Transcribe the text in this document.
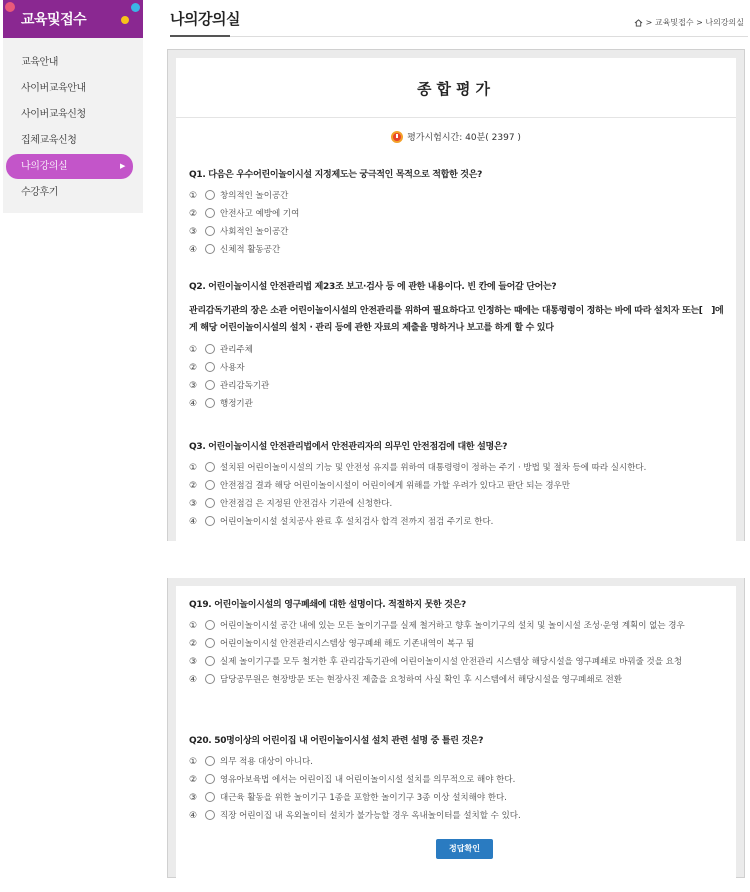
교육및접수
교육안내
사이버교육안내
사이버교육신청
집체교육신청
나의강의실	▶
수강후기
나의강의실	> 교육및접수 > 나의강의실
종합평가
평가시험시간: 40분( 2397 )
Q1. 다음은 우수어린이놀이시설 지정제도는 궁극적인 목적으로 적합한 것은?
①	창의적인 놀이공간
②	안전사고 예방에 기여
③	사회적인 놀이공간
④	신체적 활동공간
Q2. 어린이놀이시설 안전관리법 제23조 보고·검사 등 에 관한 내용이다. 빈 칸에 들어갈 단어는?
관리감독기관의 장은 소관 어린이놀이시설의 안전관리를 위하여 필요하다고 인정하는 때에는 대통령령이 정하는 바에 따라 설치자 또는[　]에게 해당 어린이놀이시설의 설치 · 관리 등에 관한 자료의 제출을 명하거나 보고를 하게 할 수 있다
①	관리주체
②	사용자
③	관리감독기관
④	행정기관
Q3. 어린이놀이시설 안전관리법에서 안전관리자의 의무인 안전점검에 대한 설명은?
①	설치된 어린이놀이시설의 기능 및 안전성 유지를 위하여 대통령령이 정하는 주기 · 방법 및 절차 등에 따라 실시한다.
②	안전점검 결과 해당 어린이놀이시설이 어린이에게 위해를 가할 우려가 있다고 판단 되는 경우만
③	안전점검 은 지정된 안전검사 기관에 신청한다.
④	어린이놀이시설 설치공사 완료 후 설치검사 합격 전까지 점검 주기로 한다.
Q19. 어린이놀이시설의 영구폐쇄에 대한 설명이다. 적절하지 못한 것은?
①	어린이놀이시설 공간 내에 있는 모든 놀이기구를 실제 철거하고 향후 놀이기구의 설치 및 놀이시설 조성·운영 계획이 없는 경우
②	어린이놀이시설 안전관리시스템상 영구폐쇄 해도 기존내역이 복구 됨
③	실제 놀이기구를 모두 철거한 후 관리감독기관에 어린이놀이시설 안전관리 시스템상 해당시설을 영구폐쇄로 바꿔줄 것을 요청
④	담당공무원은 현장방문 또는 현장사진 제출을 요청하여 사실 확인 후 시스템에서 해당시설을 영구폐쇄로 전환
Q20. 50명이상의 어린이집 내 어린이놀이시설 설치 관련 설명 중 틀린 것은?
①	의무 적용 대상이 아니다.
②	영유아보육법 에서는 어린이집 내 어린이놀이시설 설치를 의무적으로 해야 한다.
③	대근육 활동을 위한 놀이기구 1종을 포함한 놀이기구 3종 이상 설치해야 한다.
④	직장 어린이집 내 옥외놀이터 설치가 불가능할 경우 옥내놀이터를 설치할 수 있다.
정답확인
